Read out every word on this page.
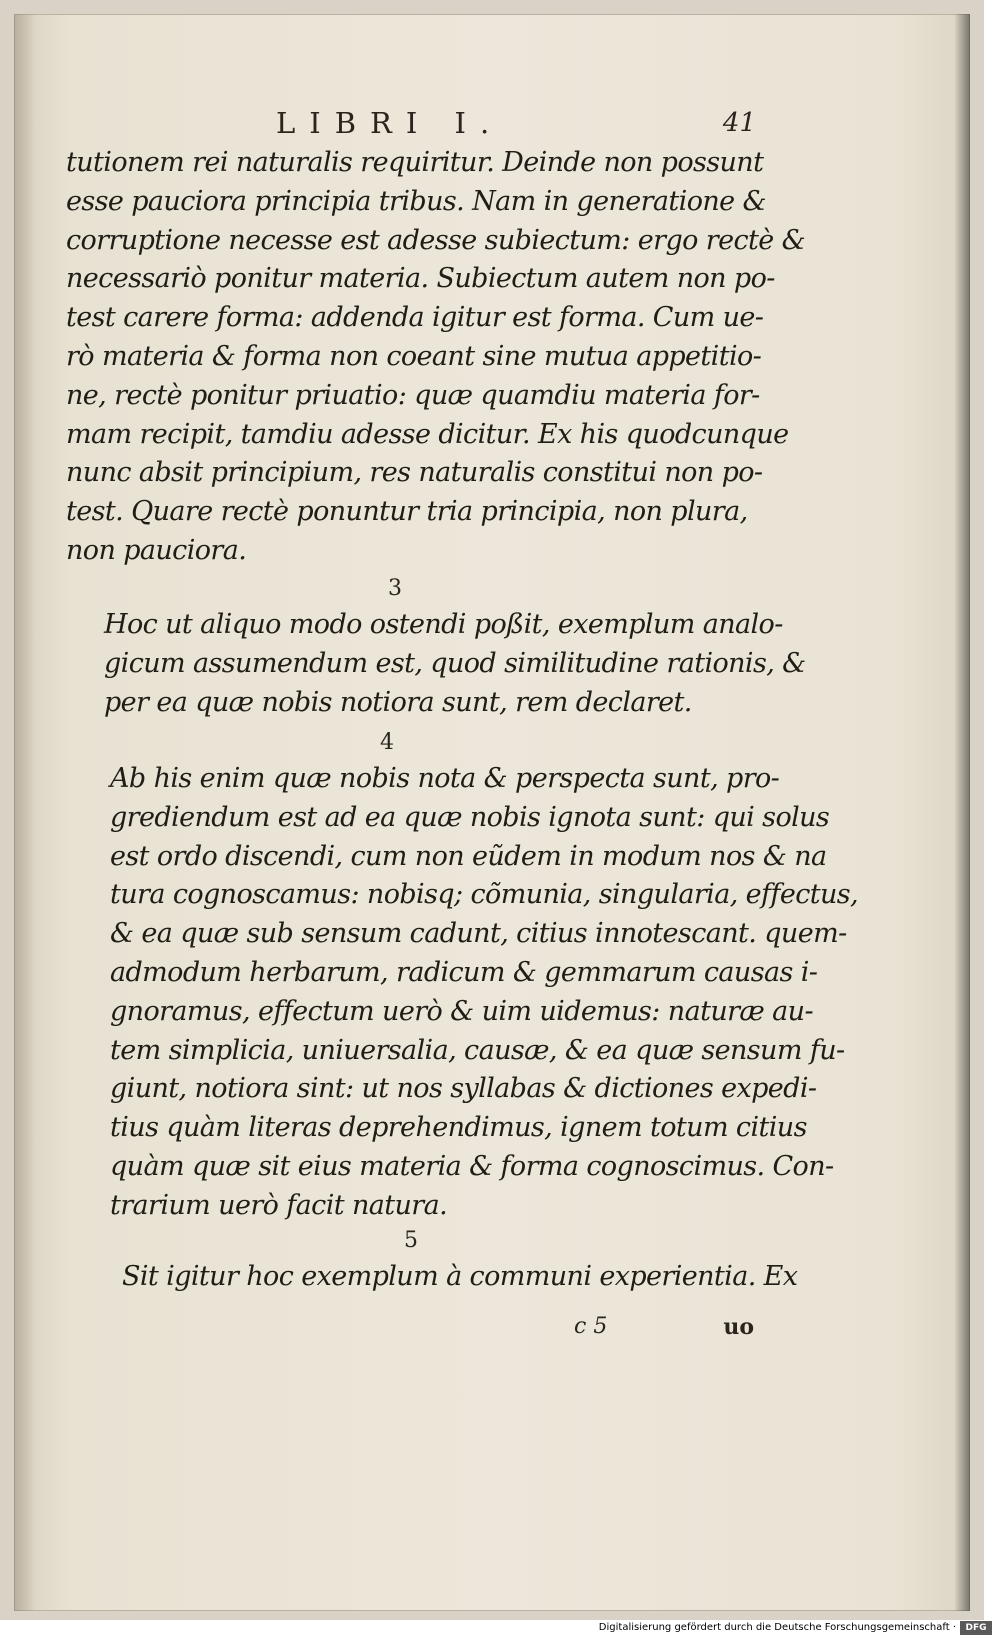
LIBRI I.	41
tutionem rei naturalis requiritur. Deinde non possunt
esse pauciora principia tribus. Nam in generatione &
corruptione necesse est adesse subiectum: ergo rectè &
necessariò ponitur materia. Subiectum autem non po-
test carere forma: addenda igitur est forma. Cum ue-
rò materia & forma non coeant sine mutua appetitio-
ne, rectè ponitur priuatio: quæ quamdiu materia for-
mam recipit, tamdiu adesse dicitur. Ex his quodcunque
nunc absit principium, res naturalis constitui non po-
test. Quare rectè ponuntur tria principia, non plura,
non pauciora.
3
Hoc ut aliquo modo ostendi poßit, exemplum analo-
gicum assumendum est, quod similitudine rationis, &
per ea quæ nobis notiora sunt, rem declaret.
4
Ab his enim quæ nobis nota & perspecta sunt, pro-
grediendum est ad ea quæ nobis ignota sunt: qui solus
est ordo discendi, cum non eũdem in modum nos & na
tura cognoscamus: nobisq; cõmunia, singularia, effectus,
& ea quæ sub sensum cadunt, citius innotescant. quem-
admodum herbarum, radicum & gemmarum causas i-
gnoramus, effectum uerò & uim uidemus: naturæ au-
tem simplicia, uniuersalia, causæ, & ea quæ sensum fu-
giunt, notiora sint: ut nos syllabas & dictiones expedi-
tius quàm literas deprehendimus, ignem totum citius
quàm quæ sit eius materia & forma cognoscimus. Con-
trarium uerò facit natura.
5
Sit igitur hoc exemplum à communi experientia. Ex
c 5	uo
Digitalisierung gefördert durch die Deutsche Forschungsgemeinschaft ·	DFG
